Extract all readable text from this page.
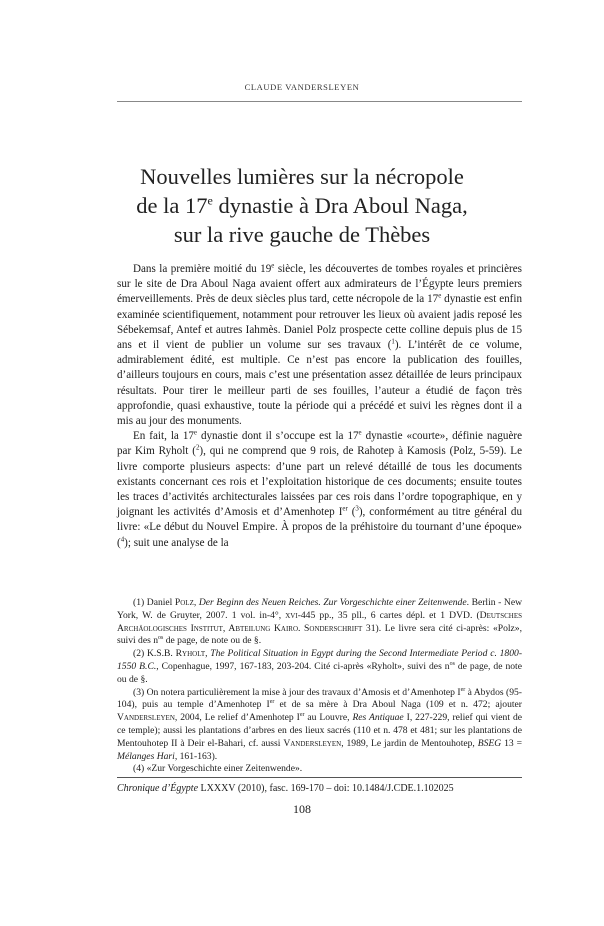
CLAUDE VANDERSLEYEN
Nouvelles lumières sur la nécropole
de la 17e dynastie à Dra Aboul Naga,
sur la rive gauche de Thèbes

Dans la première moitié du 19e siècle, les découvertes de tombes royales et princières sur le site de Dra Aboul Naga avaient offert aux admirateurs de l’Égypte leurs premiers émerveillements. Près de deux siècles plus tard, cette nécropole de la 17e dynastie est enfin examinée scientifiquement, notamment pour retrouver les lieux où avaient jadis reposé les Sébekemsaf, Antef et autres Iahmès. Daniel Polz prospecte cette colline depuis plus de 15 ans et il vient de publier un volume sur ses travaux ($^1$). L’intérêt de ce volume, admirablement édité, est multiple. Ce n’est pas encore la publication des fouilles, d’ailleurs toujours en cours, mais c’est une présentation assez détaillée de leurs principaux résultats. Pour tirer le meilleur parti de ses fouilles, l’auteur a étudié de façon très approfondie, quasi exhaustive, toute la période qui a précédé et suivi les règnes dont il a mis au jour des monuments.

En fait, la 17e dynastie dont il s’occupe est la 17e dynastie «courte», définie naguère par Kim Ryholt ($^2$), qui ne comprend que 9 rois, de Rahotep à Kamosis (Polz, 5-59). Le livre comporte plusieurs aspects: d’une part un relevé détaillé de tous les documents existants concernant ces rois et l’exploitation historique de ces documents; ensuite toutes les traces d’activités architecturales laissées par ces rois dans l’ordre topographique, en y joignant les activités d’Amosis et d’Amenhotep Ier ($^3$), conformément au titre général du livre: «Le début du Nouvel Empire. À propos de la préhistoire du tournant d’une époque» ($^4$); suit une analyse de la

(1) Daniel Polz, Der Beginn des Neuen Reiches. Zur Vorgeschichte einer Zeitenwende. Berlin - New York, W. de Gruyter, 2007. 1 vol. in-4°, xvi-445 pp., 35 pll., 6 cartes dépl. et 1 DVD. (Deutsches Archäologisches Institut, Abteilung Kairo. Sonderschrift 31). Le livre sera cité ci-après: «Polz», suivi des $n^{os}$ de page, de note ou de §.

(2) K.S.B. Ryholt, The Political Situation in Egypt during the Second Intermediate Period c. 1800-1550 B.C., Copenhague, 1997, 167-183, 203-204. Cité ci-après «Ryholt», suivi des $n^{os}$ de page, de note ou de §.

(3) On notera particulièrement la mise à jour des travaux d’Amosis et d’Amenhotep Ier à Abydos (95-104), puis au temple d’Amenhotep Ier et de sa mère à Dra Aboul Naga (109 et n. 472; ajouter Vandersleyen, 2004, Le relief d’Amenhotep Ier au Louvre, Res Antiquae I, 227-229, relief qui vient de ce temple); aussi les plantations d’arbres en des lieux sacrés (110 et n. 478 et 481; sur les plantations de Mentouhotep II à Deir el-Bahari, cf. aussi Vandersleyen, 1989, Le jardin de Mentouhotep, BSEG 13 = Mélanges Hari, 161-163).

(4) «Zur Vorgeschichte einer Zeitenwende».

Chronique d’Égypte LXXXV (2010), fasc. 169-170 – doi: 10.1484/J.CDE.1.102025
108
